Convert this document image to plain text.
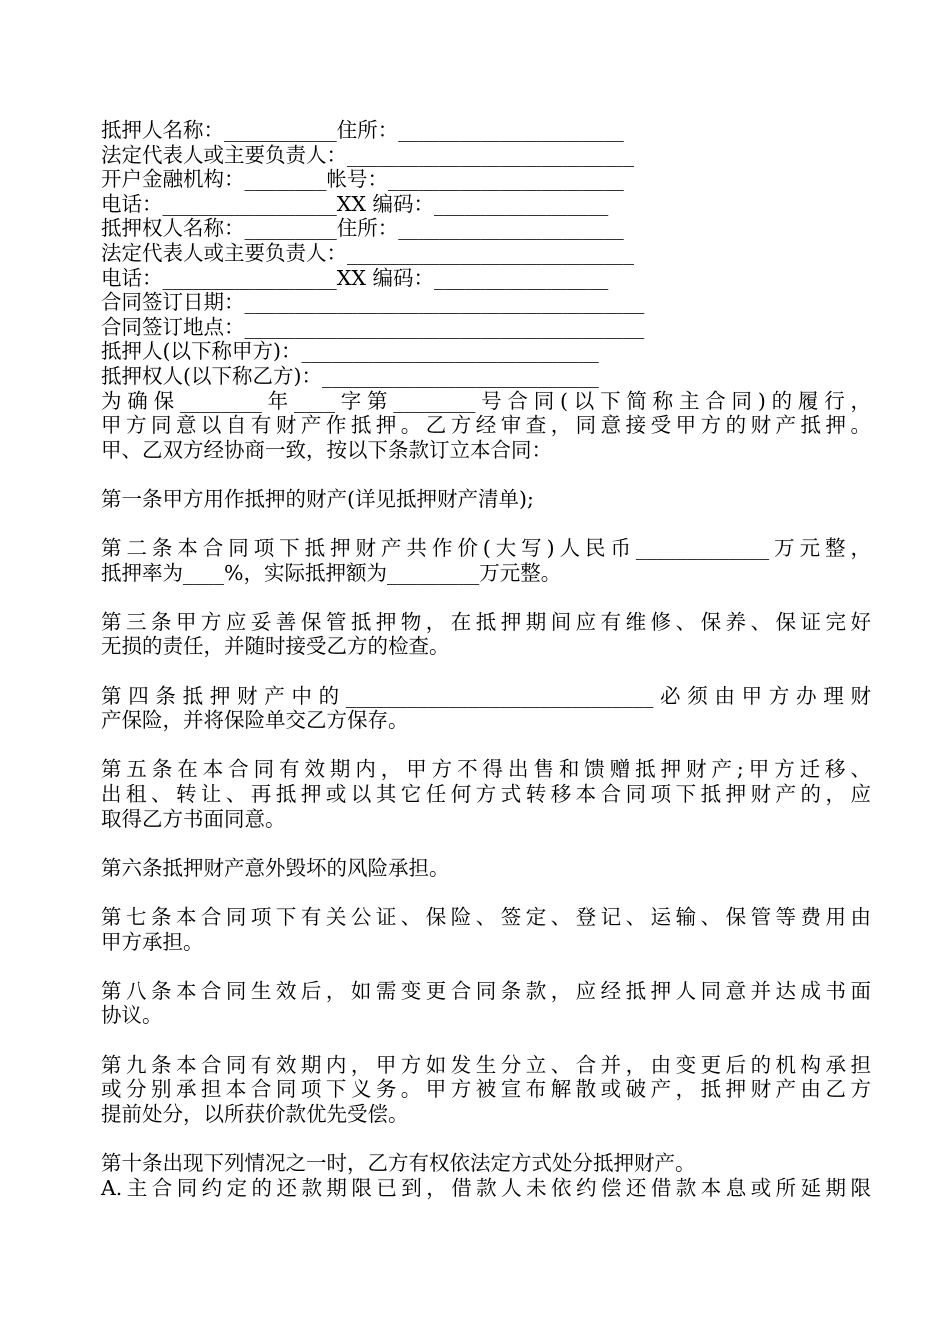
抵押人名称：___________住所：______________________
法定代表人或主要负责人：____________________________
开户金融机构：________帐号：_______________________
电话：_________________XX 编码：_________________
抵押权人名称：_________住所：______________________
法定代表人或主要负责人：____________________________
电话：_________________XX 编码：_________________
合同签订日期：_______________________________________
合同签订地点：_______________________________________
抵押人(以下称甲方)：_____________________________
抵押权人(以下称乙方)：___________________________
为确保________年____字第________号合同(以下简称主合同)的履行，
甲方同意以自有财产作抵押。乙方经审查，同意接受甲方的财产抵押。
甲、乙双方经协商一致，按以下条款订立本合同：
第一条甲方用作抵押的财产(详见抵押财产清单);
第二条本合同项下抵押财产共作价(大写)人民币_____________万元整，
抵押率为____%，实际抵押额为_________万元整。
第三条甲方应妥善保管抵押物，在抵押期间应有维修、保养、保证完好
无损的责任，并随时接受乙方的检查。
第四条抵押财产中的______________________________必须由甲方办理财
产保险，并将保险单交乙方保存。
第五条在本合同有效期内，甲方不得出售和馈赠抵押财产;甲方迁移、
出租、转让、再抵押或以其它任何方式转移本合同项下抵押财产的，应
取得乙方书面同意。
第六条抵押财产意外毁坏的风险承担。
第七条本合同项下有关公证、保险、签定、登记、运输、保管等费用由
甲方承担。
第八条本合同生效后，如需变更合同条款，应经抵押人同意并达成书面
协议。
第九条本合同有效期内，甲方如发生分立、合并，由变更后的机构承担
或分别承担本合同项下义务。甲方被宣布解散或破产，抵押财产由乙方
提前处分，以所获价款优先受偿。
第十条出现下列情况之一时，乙方有权依法定方式处分抵押财产。
A.主合同约定的还款期限已到，借款人未依约偿还借款本息或所延期限
